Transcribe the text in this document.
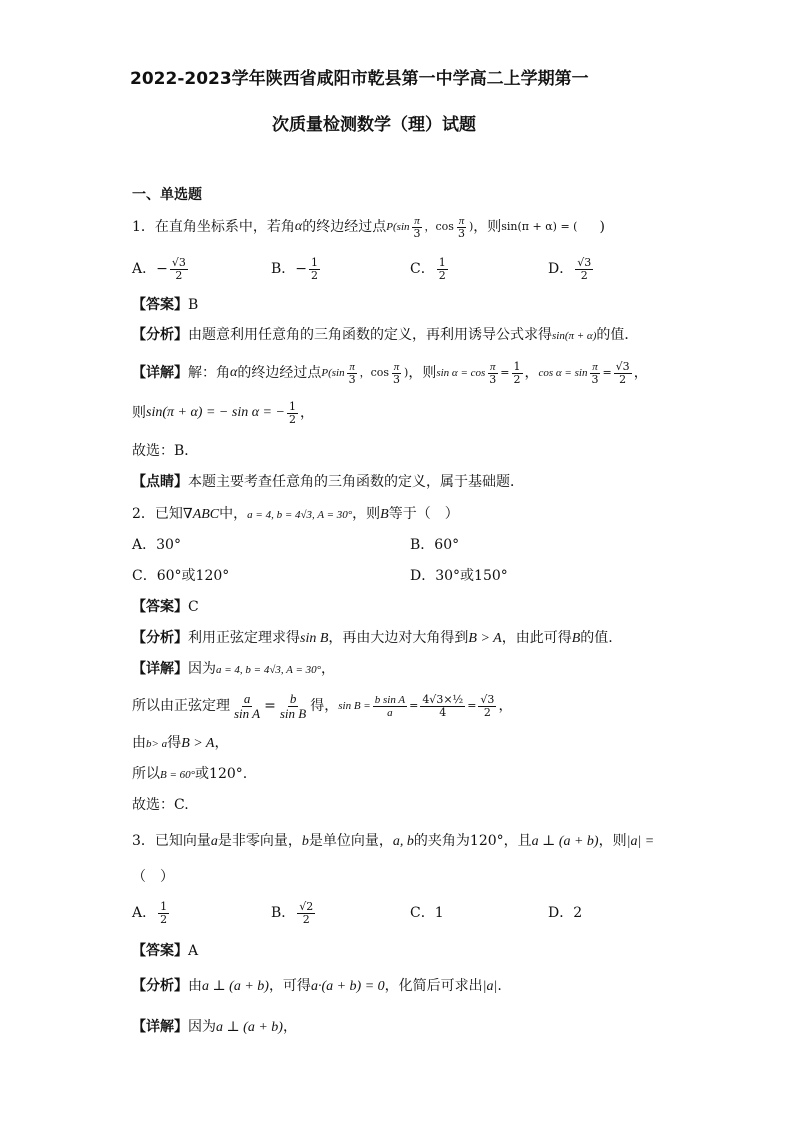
2022-2023学年陕西省咸阳市乾县第一中学高二上学期第一
次质量检测数学（理）试题
一、单选题
1．在直角坐标系中，若角 α 的终边经过点 P(sin
π
3 ，cos π
3 ) ，则 sin(π + α) = ( )
A． − $\frac{√3}{2}$	B． − $\frac{1}{2}$	C． 1
2	D． √3
2
【答案】B
【分析】由题意利用任意角的三角函数的定义，再利用诱导公式求得sin(π + α)的值．
【详解】 解：角 α 的终边经过点 P(sin
π
3 ，cos π
3 ) ，则 $\sin \alpha = \cos \frac{\pi}{3} = \frac{1}{2}$ ， $\cos \alpha = \sin \frac{\pi}{3} = \frac{√3}{2}$ ，
则 sin(π + α) = − sin α = − $\frac{1}{2}$ ，
故选：B．
【点睛】本题主要考查任意角的三角函数的定义，属于基础题．
2．已知∇ABC中，a = 4, b = 4√3, A = 30°，则B等于（　）
A．30°	B．60°
C．60°或120°	D．30°或150°
【答案】C
【分析】利用正弦定理求得sin B，再由大边对大角得到B > A，由此可得B的值.
【详解】因为a = 4, b = 4√3, A = 30°，
所以由正弦定理 $\frac{a}{\text{sin A}} = \frac{b}{\text{sin B}}$ 得， $\sin B = \frac{\text{b sin A}}{a} = \frac{\text{4√3×½}}{4} = \frac{√3}{2}$ ，
由b> a得B > A，
所以B = 60°或120°.
故选：C.
3．已知向量a是非零向量，b是单位向量，a, b的夹角为120°，且a ⊥ (a + b)，则|a| =
（　）
A． 1
2	B． √2
2	C．1	D．2
【答案】A
【分析】由a ⊥ (a + b)，可得a·(a + b) = 0，化简后可求出|a|.
【详解】因为a ⊥ (a + b)，
